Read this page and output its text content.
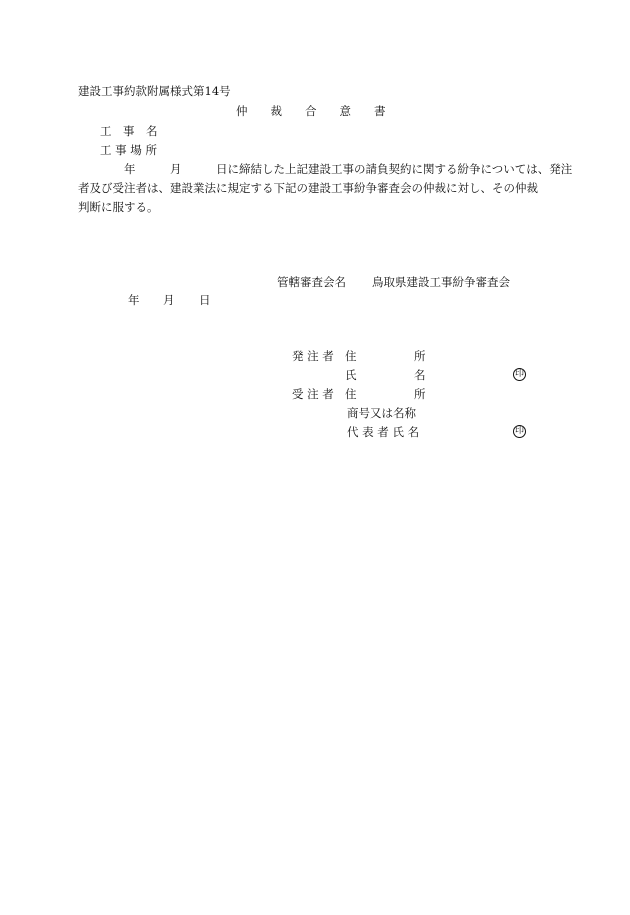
建設工事約款附属様式第14号
仲　　裁　　合　　意　　書
工　事　名
工 事 場 所
　　　　年　　　月　　　日に締結した上記建設工事の請負契約に関する紛争については、発注
者及び受注者は、建設業法に規定する下記の建設工事紛争審査会の仲裁に対し、その仲裁
判断に服する。
管轄審査会名 鳥取県建設工事紛争審査会
年 月 日
発 注 者 住　　　　　所
氏　　　　　名	印
受 注 者 住　　　　　所
商号又は名称
代 表 者 氏 名	印
